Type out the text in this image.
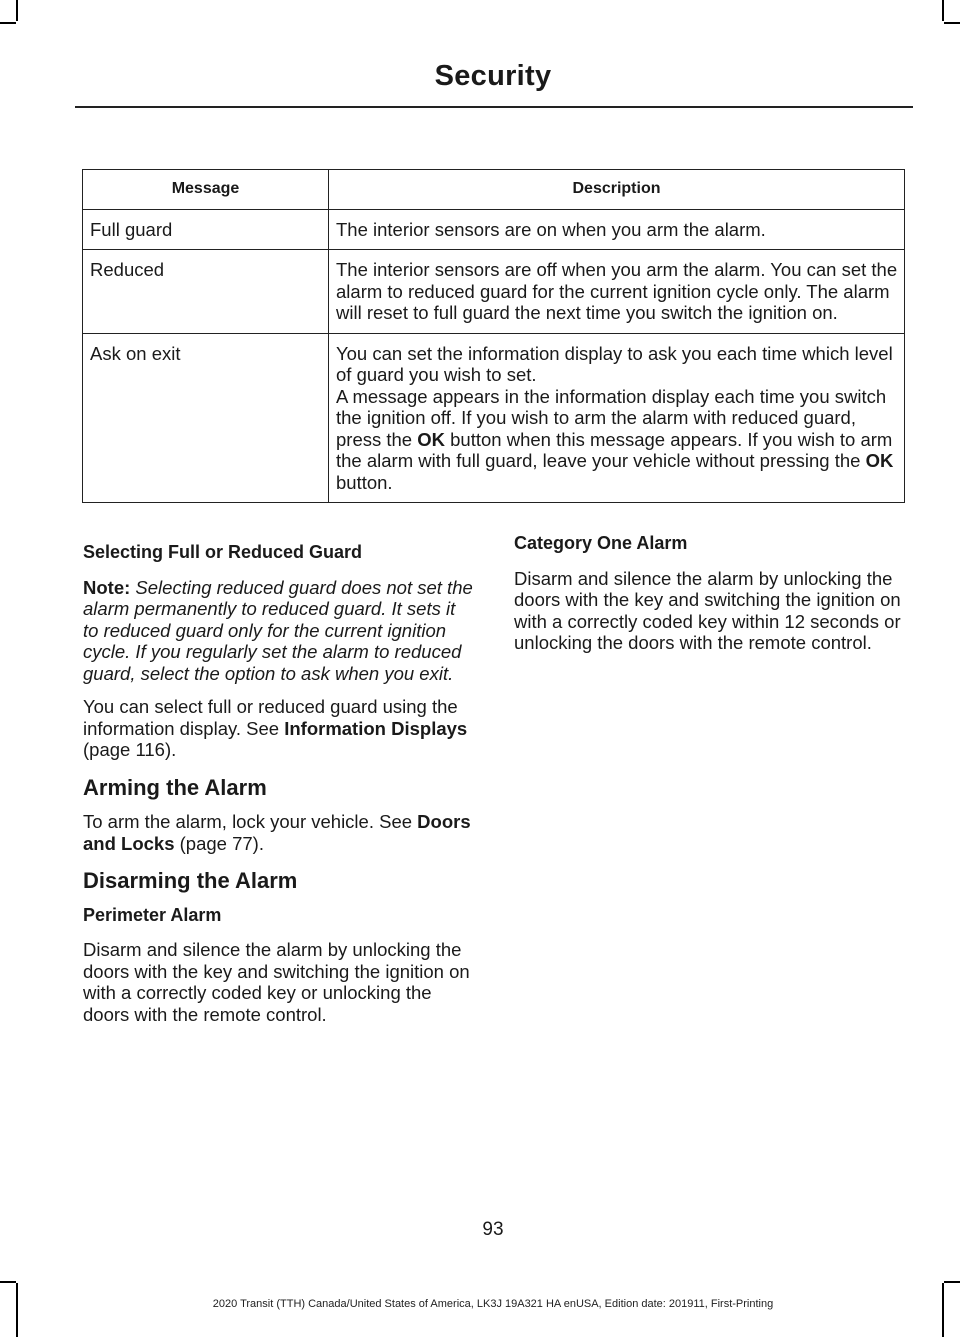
Security
Message	Description
Full guard	The interior sensors are on when you arm the alarm.
Reduced	The interior sensors are off when you arm the alarm. You can set the alarm to reduced guard for the current ignition cycle only. The alarm will reset to full guard the next time you switch the ignition on.
Ask on exit	You can set the information display to ask you each time which level of guard you wish to set.
A message appears in the information display each time you switch the ignition off. If you wish to arm the alarm with reduced guard, press the OK button when this message appears. If you wish to arm the alarm with full guard, leave your vehicle without pressing the OK button.
Selecting Full or Reduced Guard

Note: Selecting reduced guard does not set the alarm permanently to reduced guard. It sets it to reduced guard only for the current ignition cycle. If you regularly set the alarm to reduced guard, select the option to ask when you exit.

You can select full or reduced guard using the information display. See Information Displays (page 116).

Arming the Alarm

To arm the alarm, lock your vehicle. See Doors and Locks (page 77).

Disarming the Alarm
Perimeter Alarm

Disarm and silence the alarm by unlocking the doors with the key and switching the ignition on with a correctly coded key or unlocking the doors with the remote control.

Category One Alarm

Disarm and silence the alarm by unlocking the doors with the key and switching the ignition on with a correctly coded key within 12 seconds or unlocking the doors with the remote control.

93
2020 Transit (TTH) Canada/United States of America, LK3J 19A321 HA enUSA, Edition date: 201911, First-Printing
